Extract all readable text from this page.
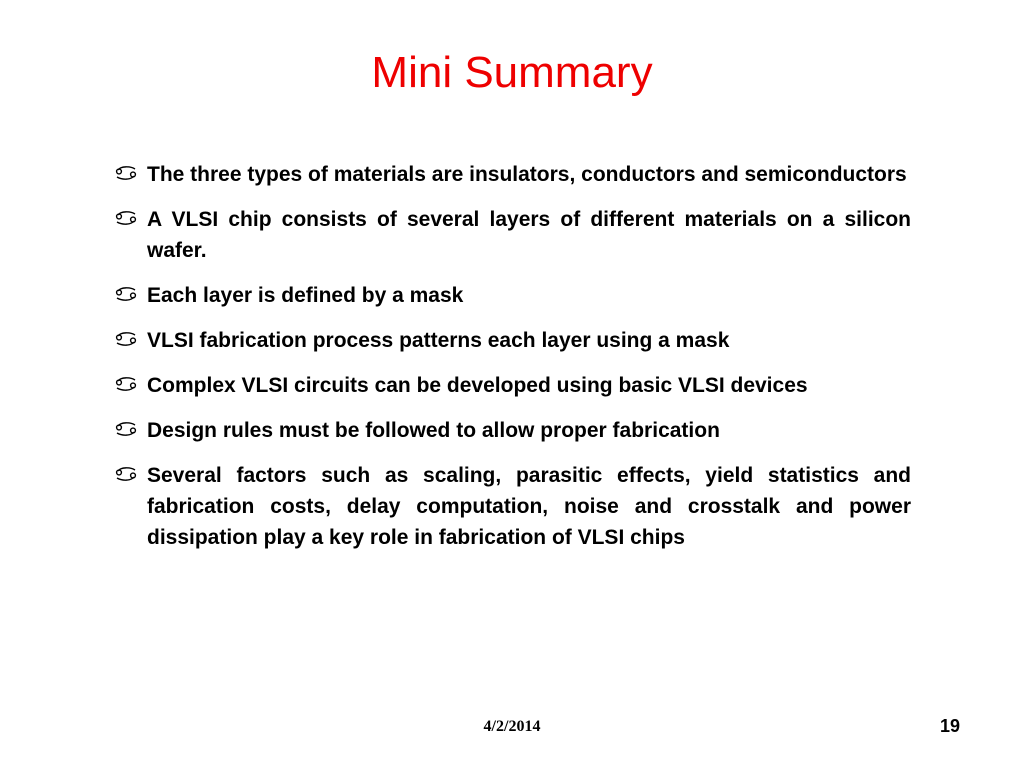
Mini Summary
The three types of materials are insulators, conductors and semiconductors
A VLSI chip consists of several layers of different materials on a silicon wafer.
Each layer is defined by a mask
VLSI fabrication process patterns each layer using a mask
Complex VLSI circuits can be developed using basic VLSI devices
Design rules must be followed to allow proper fabrication
Several factors such as scaling, parasitic effects, yield statistics and fabrication costs, delay computation, noise and crosstalk and power dissipation play a key role in fabrication of VLSI chips
4/2/2014	19
